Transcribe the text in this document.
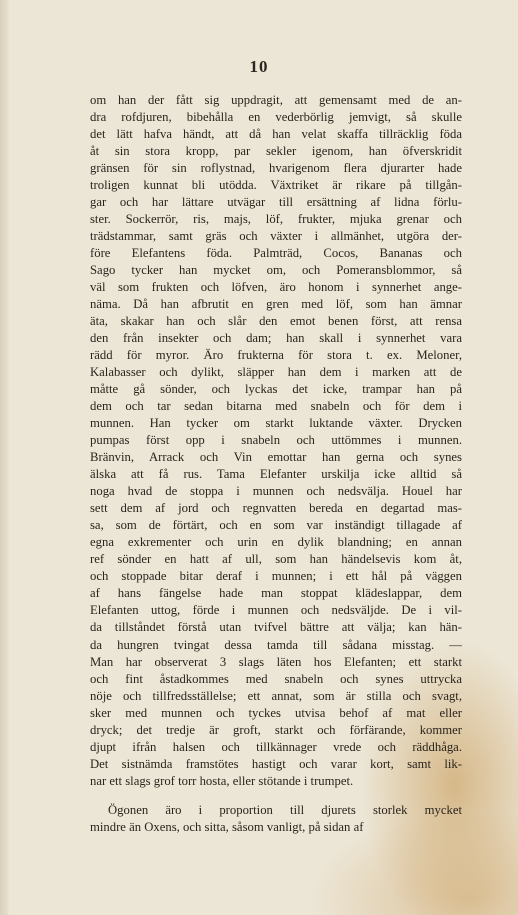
10
om han der fått sig uppdragit, att gemensamt med de an-
dra rofdjuren, bibehålla en vederbörlig jemvigt, så skulle
det lätt hafva händt, att då han velat skaffa tillräcklig föda
åt sin stora kropp, par sekler igenom, han öfverskridit
gränsen för sin roflystnad, hvarigenom flera djurarter hade
troligen kunnat bli utödda. Växtriket är rikare på tillgån-
gar och har lättare utvägar till ersättning af lidna förlu-
ster. Sockerrör, ris, majs, löf, frukter, mjuka grenar och
trädstammar, samt gräs och växter i allmänhet, utgöra der-
före Elefantens föda. Palmträd, Cocos, Bananas och
Sago tycker han mycket om, och Pomeransblommor, så
väl som frukten och löfven, äro honom i synnerhet ange-
näma. Då han afbrutit en gren med löf, som han ämnar
äta, skakar han och slår den emot benen först, att rensa
den från insekter och dam; han skall i synnerhet vara
rädd för myror. Äro frukterna för stora t. ex. Meloner,
Kalabasser och dylikt, släpper han dem i marken att de
måtte gå sönder, och lyckas det icke, trampar han på
dem och tar sedan bitarna med snabeln och för dem i
munnen. Han tycker om starkt luktande växter. Drycken
pumpas först opp i snabeln och uttömmes i munnen.
Bränvin, Arrack och Vin emottar han gerna och synes
älska att få rus. Tama Elefanter urskilja icke alltid så
noga hvad de stoppa i munnen och nedsvälja. Houel har
sett dem af jord och regnvatten bereda en degartad mas-
sa, som de förtärt, och en som var inständigt tillagade af
egna exkrementer och urin en dylik blandning; en annan
ref sönder en hatt af ull, som han händelsevis kom åt,
och stoppade bitar deraf i munnen; i ett hål på väggen
af hans fängelse hade man stoppat klädeslappar, dem
Elefanten uttog, förde i munnen och nedsväljde. De i vil-
da tillståndet förstå utan tvifvel bättre att välja; kan hän-
da hungren tvingat dessa tamda till sådana misstag. —
Man har observerat 3 slags läten hos Elefanten; ett starkt
och fint åstadkommes med snabeln och synes uttrycka
nöje och tillfredsställelse; ett annat, som är stilla och svagt,
sker med munnen och tyckes utvisa behof af mat eller
dryck; det tredje är groft, starkt och förfärande, kommer
djupt ifrån halsen och tillkännager vrede och räddhåga.
Det sistnämda framstötes hastigt och varar kort, samt lik-
nar ett slags grof torr hosta, eller stötande i trumpet.
Ögonen äro i proportion till djurets storlek mycket
mindre än Oxens, och sitta, såsom vanligt, på sidan af
